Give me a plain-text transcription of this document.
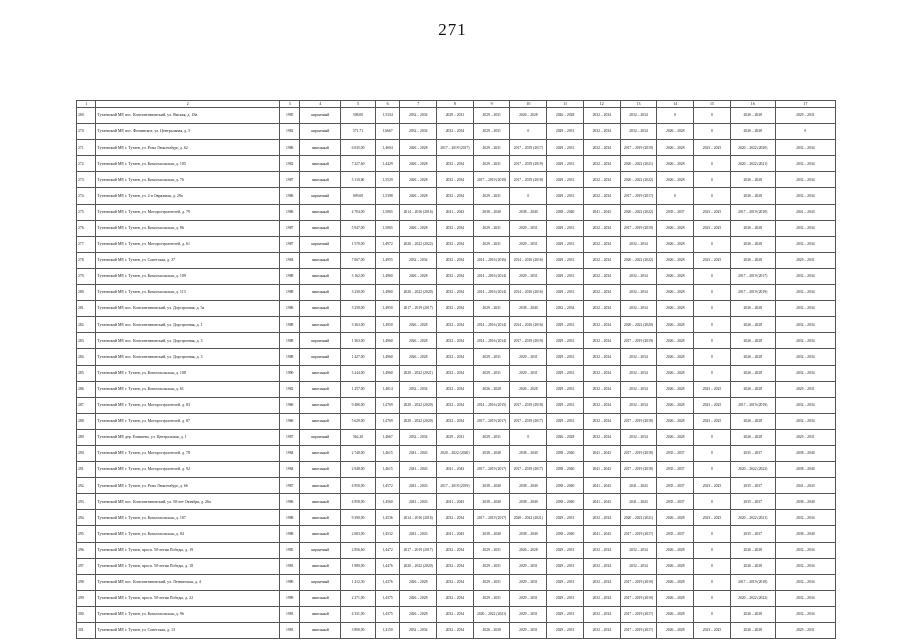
271
1	2	3	4	5	6	7	8	9	10	11	12	13	14	15	16	17
269.	Тутаевский МР, пос. Константиновский, ул. Ямская, д. 18а	1985	кирпичный	508,00	1,5334	2032 – 2034	2029 – 2031	2029 – 2031	2026 – 2028	2026 – 2028	2032 – 2034	2032 – 2034	0	0	2026 – 2028	2029 – 2031
270.	Тутаевский МР, пос. Фоминское, ул. Центральная, д. 5	1982	кирпичный	571,71	1,6667	2032 – 2034	2032 – 2034	2029 – 2031	0	2029 – 2031	2032 – 2034	2032 – 2034	2026 – 2028	0	2026 – 2028	0
271.	Тутаевский МР, г. Тутаев, ул. Розы Люксембург, д. 62	1986	панельный	6 035,00	1,4694	2026 – 2028	2017 – 2019 (2017)	2029 – 2031	2017 – 2019 (2017)	2029 – 2031	2032 – 2034	2017 – 2019 (2019)	2026 – 2028	2023 – 2025	2020 – 2022 (2020)	2032 – 2034
272.	Тутаевский МР, г. Тутаев, ул. Комсомольская, д. 105	1982	панельный	7 227,60	1,4429	2026 – 2028	2032 – 2034	2029 – 2031	2017 – 2019 (2019)	2029 – 2031	2032 – 2034	2020 – 2022 (2021)	2026 – 2028	0	2020 – 2022 (2021)	2032 – 2034
273.	Тутаевский МР, г. Тутаев, ул. Комсомольская, д. 76	1987	панельный	3 110,60	1,5529	2026 – 2028	2032 – 2034	2017 – 2019 (2018)	2017 – 2019 (2018)	2029 – 2031	2032 – 2034	2020 – 2022 (2022)	2026 – 2028	0	2026 – 2028	2032 – 2034
274.	Тутаевский МР, г. Тутаев, ул. 2-я Овражная, д. 29а	1986	кирпичный	699,00	1,5398	2026 – 2028	2032 – 2034	2029 – 2031	0	2029 – 2031	2032 – 2034	2017 – 2019 (2017)	0	0	2026 – 2028	2032 – 2034
275.	Тутаевский МР, г. Тутаев, ул. Моторостроителей, д. 79	1986	панельный	4 704,00	1,5065	2014 – 2016 (2016)	2041 – 2043	2038 – 2040	2038 – 2040	2038 – 2040	2041 – 2043	2020 – 2022 (2022)	2035 – 2037	2023 – 2025	2017 – 2019 (2018)	2041 – 2043
276.	Тутаевский МР, г. Тутаев, ул. Комсомольская, д. 86	1987	панельный	5 947,00	1,5065	2026 – 2028	2032 – 2034	2029 – 2031	2029 – 2031	2029 – 2031	2032 – 2034	2017 – 2019 (2019)	2026 – 2028	2023 – 2025	2026 – 2028	2032 – 2034
277.	Тутаевский МР, г. Тутаев, ул. Моторостроителей, д. 61	1987	кирпичный	1 570,00	1,4972	2020 – 2022 (2022)	2032 – 2034	2029 – 2031	2029 – 2031	2029 – 2031	2032 – 2034	2032 – 2034	2026 – 2028	0	2026 – 2028	2032 – 2034
278.	Тутаевский МР, г. Тутаев, ул. Советская, д. 37	1984	панельный	7 067,00	1,4955	2032 – 2034	2032 – 2034	2014 – 2016 (2016)	2014 – 2016 (2016)	2029 – 2031	2032 – 2034	2020 – 2022 (2022)	2026 – 2028	2023 – 2025	2026 – 2028	2029 – 2031
279.	Тутаевский МР, г. Тутаев, ул. Комсомольская, д. 109	1988	панельный	3 162,00	1,4960	2026 – 2028	2032 – 2034	2014 – 2016 (2014)	2029 – 2031	2029 – 2031	2032 – 2034	2032 – 2034	2026 – 2028	0	2017 – 2019 (2017)	2032 – 2034
280.	Тутаевский МР, г. Тутаев, ул. Комсомольская, д. 113	1988	панельный	3 230,00	1,4960	2020 – 2022 (2020)	2032 – 2034	2014 – 2016 (2014)	2014 – 2016 (2016)	2029 – 2031	2032 – 2034	2032 – 2034	2026 – 2028	0	2017 – 2019 (2019)	2032 – 2034
281.	Тутаевский МР, пос. Константиновский, ул. Дорстроевая, д. 5а	1986	панельный	3 258,00	1,4950	2017 – 2019 (2017)	2032 – 2034	2029 – 2031	2038 – 2040	2032 – 2034	2032 – 2034	2032 – 2034	2026 – 2028	0	2026 – 2028	2032 – 2034
282.	Тутаевский МР, пос. Константиновский, ул. Дорстроевая, д. 1	1988	панельный	3 363,00	1,4950	2026 – 2028	2032 – 2034	2014 – 2016 (2014)	2014 – 2016 (2016)	2029 – 2031	2032 – 2034	2020 – 2022 (2020)	2026 – 2028	0	2026 – 2028	2032 – 2034
283.	Тутаевский МР, пос. Константиновский, ул. Дорстроевая, д. 3	1988	кирпичный	1 363,00	1,4960	2026 – 2028	2032 – 2034	2014 – 2016 (2014)	2017 – 2019 (2019)	2029 – 2031	2032 – 2034	2017 – 2019 (2019)	2026 – 2028	0	2026 – 2028	2032 – 2034
284.	Тутаевский МР, пос. Константиновский, ул. Дорстроевая, д. 3	1988	кирпичный	1 427,00	1,4960	2026 – 2028	2032 – 2034	2029 – 2031	2029 – 2031	2029 – 2031	2032 – 2034	2032 – 2034	2026 – 2028	0	2026 – 2028	2032 – 2034
285.	Тутаевский МР, г. Тутаев, ул. Комсомольская, д. 108	1990	панельный	3 244,00	1,4960	2020 – 2022 (2021)	2032 – 2034	2029 – 2031	2029 – 2031	2029 – 2031	2032 – 2034	2032 – 2034	2026 – 2028	0	2026 – 2028	2032 – 2034
286.	Тутаевский МР, г. Тутаев, ул. Комсомольская, д. 61	1982	панельный	1 257,00	1,4814	2032 – 2034	2032 – 2034	2026 – 2028	2026 – 2028	2029 – 2031	2032 – 2034	2032 – 2034	2026 – 2028	2023 – 2025	2026 – 2028	2029 – 2031
287.	Тутаевский МР, г. Тутаев, ул. Моторостроителей, д. 83	1986	панельный	9 486,00	1,4769	2020 – 2022 (2020)	2032 – 2034	2014 – 2016 (2015)	2017 – 2019 (2018)	2029 – 2031	2032 – 2034	2032 – 2034	2026 – 2028	2023 – 2025	2017 – 2019 (2019)	2032 – 2034
288.	Тутаевский МР, г. Тутаев, ул. Моторостроителей, д. 87	1986	панельный	5 629,00	1,4769	2020 – 2022 (2020)	2032 – 2034	2017 – 2019 (2017)	2017 – 2019 (2017)	2029 – 2031	2032 – 2034	2017 – 2019 (2018)	2026 – 2028	2023 – 2025	2026 – 2028	2032 – 2034
289.	Тутаевский МР, дер. Емишево, ул. Центральная, д. 1	1987	кирпичный	562,20	1,4667	2032 – 2034	2029 – 2031	2029 – 2031	0	2026 – 2028	2032 – 2034	2032 – 2034	2026 – 2028	0	2026 – 2028	2029 – 2031
290.	Тутаевский МР, г. Тутаев, ул. Моторостроителей, д. 78	1984	панельный	2 748,00	1,4615	2041 – 2043	2020 – 2022 (2020)	2038 – 2040	2038 – 2040	2038 – 2040	2041 – 2043	2017 – 2019 (2018)	2035 – 2037	0	2035 – 2037	2038 – 2040
291.	Тутаевский МР, г. Тутаев, ул. Моторостроителей, д. 92	1984	панельный	2 948,00	1,4615	2041 – 2043	2041 – 2043	2017 – 2019 (2017)	2017 – 2019 (2017)	2038 – 2040	2041 – 2043	2017 – 2019 (2018)	2035 – 2037	0	2020 – 2022 (2022)	2038 – 2040
292.	Тутаевский МР, г. Тутаев, ул. Розы Люксембург, д. 66	1987	панельный	4 950,00	1,4572	2041 – 2043	2017 – 2019 (2019)	2038 – 2040	2038 – 2040	2038 – 2040	2041 – 2043	2041 – 2043	2035 – 2037	2023 – 2025	2035 – 2037	2041 – 2043
293.	Тутаевский МР, пос. Константиновский, ул. 50-лет Октября, д. 26а	1986	панельный	4 958,00	1,4560	2041 – 2043	2041 – 2043	2038 – 2040	2038 – 2040	2038 – 2040	2041 – 2043	2041 – 2043	2035 – 2037	0	2035 – 2037	2038 – 2040
294.	Тутаевский МР, г. Тутаев, ул. Комсомольская, д. 107	1988	панельный	9 390,00	1,4536	2014 – 2016 (2016)	2032 – 2034	2017 – 2019 (2017)	2020 – 2022 (2021)	2029 – 2031	2032 – 2034	2020 – 2022 (2021)	2026 – 2028	2023 – 2025	2020 – 2022 (2021)	2032 – 2034
295.	Тутаевский МР, г. Тутаев, ул. Комсомольская, д. 84	1988	панельный	2 683,00	1,4532	2041 – 2043	2041 – 2043	2038 – 2040	2038 – 2040	2038 – 2040	2041 – 2043	2017 – 2019 (2017)	2035 – 2037	0	2035 – 2037	2038 – 2040
296.	Тутаевский МР, г. Тутаев, просп. 50-летия Победы, д. 19	1985	кирпичный	2 856,60	1,4472	2017 – 2019 (2017)	2032 – 2034	2029 – 2031	2026 – 2028	2029 – 2031	2032 – 2034	2032 – 2034	2026 – 2028	0	2026 – 2028	2032 – 2034
297.	Тутаевский МР, г. Тутаев, просп. 50-летия Победы, д. 18	1983	панельный	1 980,00	1,4476	2020 – 2022 (2020)	2032 – 2034	2029 – 2031	2029 – 2031	2029 – 2031	2032 – 2034	2032 – 2034	2026 – 2028	0	2026 – 2028	2032 – 2034
298.	Тутаевский МР, пос. Константиновский, ул. Летнинская, д. 4	1980	кирпичный	1 412,30	1,4376	2026 – 2028	2032 – 2034	2029 – 2031	2029 – 2031	2029 – 2031	2032 – 2034	2017 – 2019 (2019)	2026 – 2028	0	2017 – 2019 (2018)	2032 – 2034
299.	Тутаевский МР, г. Тутаев, просп. 50-летия Победы, д. 22	1989	панельный	2 271,00	1,4375	2026 – 2028	2032 – 2034	2029 – 2031	2029 – 2031	2029 – 2031	2032 – 2034	2017 – 2019 (2019)	2026 – 2028	0	2020 – 2022 (2022)	2032 – 2034
300.	Тутаевский МР, г. Тутаев, ул. Комсомольская, д. 96	1983	панельный	4 331,00	1,4375	2026 – 2028	2032 – 2034	2020 – 2022 (2021)	2029 – 2031	2029 – 2031	2032 – 2034	2017 – 2019 (2017)	2026 – 2028	0	2026 – 2028	2032 – 2034
301.	Тутаевский МР, г. Тутаев, ул. Советская, д. 13	1983	панельный	3 890,00	1,4150	2032 – 2034	2032 – 2034	2026 – 2028	2029 – 2031	2029 – 2031	2032 – 2034	2017 – 2019 (2017)	2026 – 2028	2023 – 2025	2026 – 2028	2029 – 2031
